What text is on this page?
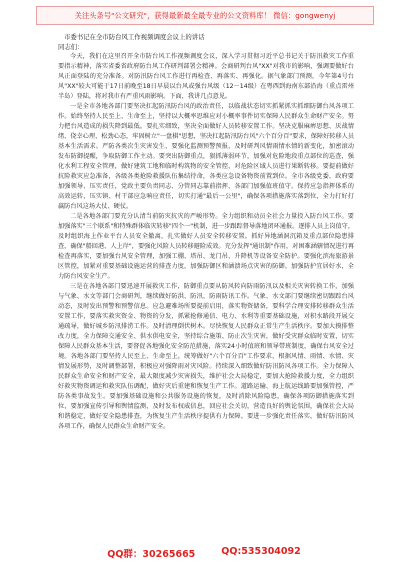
关注头条号"公文研究"，获得最新最全最专业的公文资料库！ 微信：gongwenyj
市委书记在全市防台风工作视频调度会议上的讲话
同志们：

今天，我们在这里召开全市防台风工作视频调度会议，深入学习贯彻习近平总书记关于防汛救灾工作重要指示精神，落实省委省政府防台风工作研判部署会精神。会商研判台风"XX"对我市的影响，强调要做好台风正面登陆的充分准备。对防汛防台风工作进行再检查、再落实、再强化。据气象部门预测，今年第4号台风"XX"较大可能于17日前晚至18日早晨以台风或强台风级（12－14级）在粤西到海南东部沿海（重点雷州半岛）登陆，将对我市有严重风雨影响。下面，我讲几点意见。

一是全市各地各部门要坚决扛起防汛防台风的政治责任，以临战状态切实抓紧抓实抓细防御台风各项工作。始终坚持人民至上、生命至上，坚持以大概率思维应对小概率事件切实保障人民群众生命财产安全。努力把台风造成的损失降到最低。要扎实细致，坚决全面做好人员转移安置工作。坚决克服麻痹思想、厌战情绪、侥幸心理、松劲心态，牢固树立"一盘棋"思想，坚决扛起防汛防台风"六个百分百"要求，保障好转移人员基本生活需求。严防各类次生灾害发生，要强化监测预警预报，及时研判风情雨情水情的新变化，加密滚动发布防御提醒，争取防御工作主动。要突出防御重点，狠抓薄弱环节，加强对危险地段重点部位的巡查，强化水利工程安全管理，做好建筑工地和临时构筑物的安全管控，对危险区域人员进行果断转移。要提前做好抗险救灾应急准备，各级各类抢险救援队伍集结待命，各类应急设备物资前置到位。全市各级党委、政府要加强领导、压实责任，党政主要负责同志、分管同志靠前指挥，各部门加强值班值守。保持应急指挥体系的高效运转，压实镇、村干部应急响应责任，切实打通"最后一公里"，确保各项措施落实落到位，全力打好打赢防台风这场大仗、硬仗。

二是各地各部门要充分认清当前防灾抗灾的严峻形势。全力组织和动员全社会力量投入防台风工作。要加强落实"三个联系"和特殊群体临灾转移"四个一"机制，进一步跟踪督导落地闭环通报。逐排人员上岗值守，及时组织海上作业平台人员安全撤离，扎实做好人员安全转移安置。抓好异地涵洞沉箱及重点部位隐患排查，确保"船回港、人上岸"，要强化风险人员转移避险成效。充分发挥"通讯制"作用，对困难涵辖情况进行再检查再落实，要加强台风安全管理，加强工棚、塔吊、龙门吊、升降机等设备安全防护。要强化滨海旅游景区管控，加紧对重要基础设施运营的排查力度，加强防御区和涵溃场点灾害的防御。加强防护宜居好水，全力防台风安全生产。

三是在各地各部门要迅速开展救灾工作，防御重点要从防风转向防雨防汛以及相关灾害转换工作，加强与气象、水文等部门会商研判，继续做好防洪、防汛、防雨防讯工作。气象、水文部门要继续密切跟踪台风动态，及时发出预警和预警信息。应急避难场所要提前启用，落实物资储备，要科学合理安排转移群众生活安置工作，要落实救灾资金、物资的分发，抓紧抢修通信、电力、水利等重要基础设施，对积水路段开展交通疏导，做好城乡防汛排涝工作。及时清理倒伏树木。尽快恢复人民群众正常生产生活秩序。要加大摸排整改力度，全力保障交通安全、供水供电安全，坚持综合施策、防止次生灾害，做好受灾群众临时安置，切实保障人民群众基本生活，要督促各地强化安全防范措施，落实24小时值班和领导带班制度，确保台风安全过境。各地各部门要坚持人民至上、生命至上，统筹做好"六个百分百"工作要求，根据风情、雨情、水情、灾情发展形势，及时调整部署，积极应对强降雨对灾风险。持续深入细致做好防汛防风各项工作。全力保障人民群众生命安全和财产安全，最大限度减少灾害损失，维护社会大局稳定，要加大抢险救援力度，全力组织好救灾物资调运和救灾队伍调配，做好灾后重建和恢复生产工作。道路运输、海上航运线路要加强管控，严防各类事故发生。要加强基础设施和公共服务设施的恢复，及时消除风险隐患，确保各项防御措施落实到位，要加强宣传引导和舆情监测，及时发布权威信息，回应社会关切，营造良好的舆论氛围，确保社会大局和谐稳定，做好安全隐患排查，为恢复生产生活秩序提供有力保障。要进一步强化责任落实，做好防汛防风各项工作，确保人民群众生命财产安全。

QQ群：30265665	QQ:535304092
